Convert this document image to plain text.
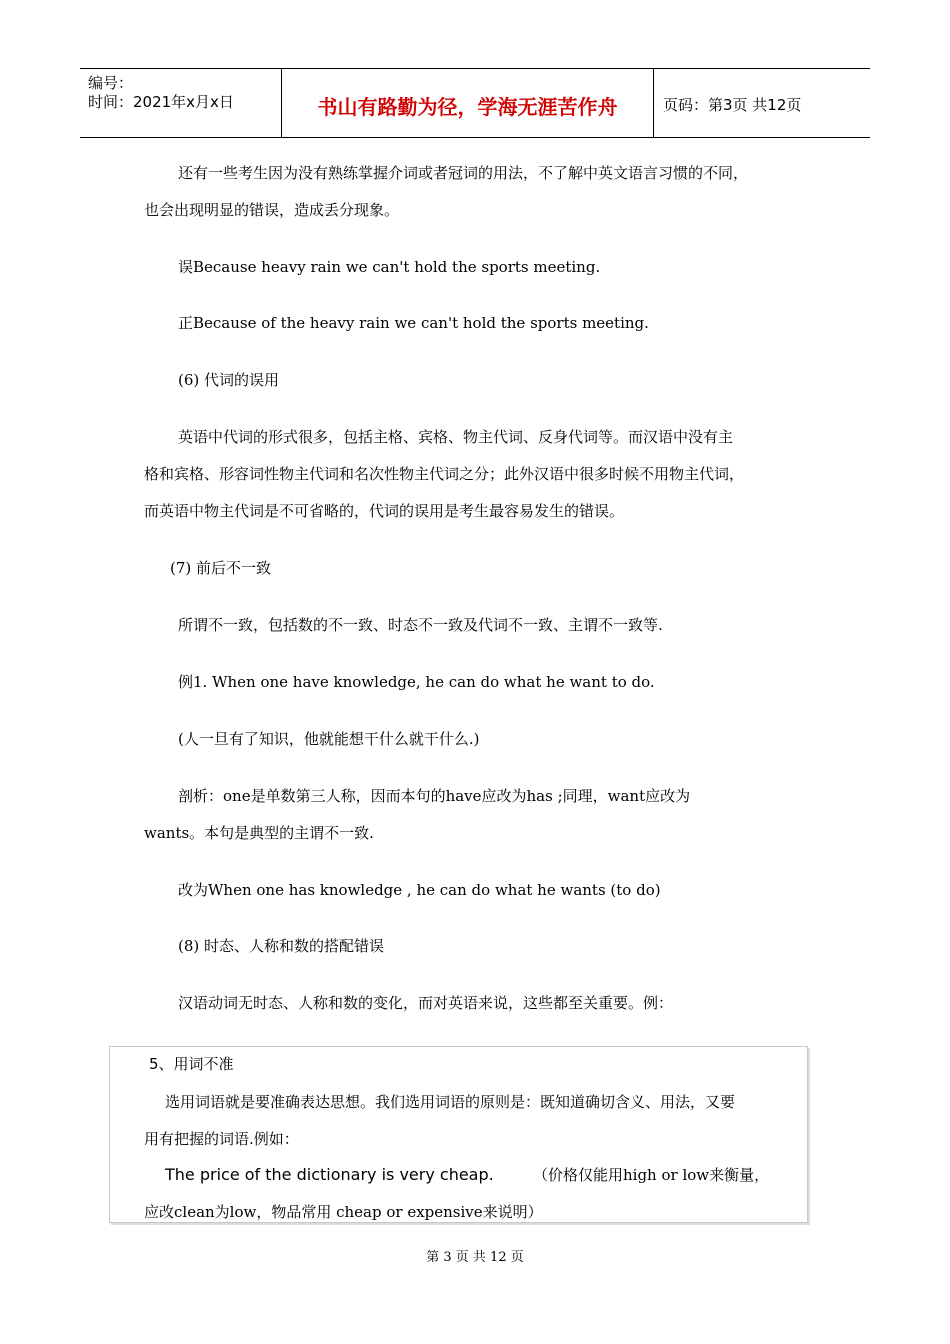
编号：
时间：2021年x月x日	书山有路勤为径，学海无涯苦作舟	页码：第3页 共12页
还有一些考生因为没有熟练掌握介词或者冠词的用法，不了解中英文语言习惯的不同，
也会出现明显的错误，造成丢分现象。
误Because heavy rain we can't hold the sports meeting.
正Because of the heavy rain we can't hold the sports meeting.
(6) 代词的误用
英语中代词的形式很多，包括主格、宾格、物主代词、反身代词等。而汉语中没有主
格和宾格、形容词性物主代词和名次性物主代词之分；此外汉语中很多时候不用物主代词，
而英语中物主代词是不可省略的，代词的误用是考生最容易发生的错误。
(7) 前后不一致
所谓不一致，包括数的不一致、时态不一致及代词不一致、主谓不一致等.
例1. When one have knowledge, he can do what he want to do.
(人一旦有了知识，他就能想干什么就干什么.)
剖析：one是单数第三人称，因而本句的have应改为has ;同理，want应改为
wants。本句是典型的主谓不一致.
改为When one has knowledge , he can do what he wants (to do)
(8) 时态、人称和数的搭配错误
汉语动词无时态、人称和数的变化，而对英语来说，这些都至关重要。例：
5、用词不准
选用词语就是要准确表达思想。我们选用词语的原则是：既知道确切含义、用法，又要
用有把握的词语.例如：
The price of the dictionary is very cheap.	（价格仅能用high or low来衡量，
应改clean为low，物品常用 cheap or expensive来说明）
第 3 页 共 12 页
